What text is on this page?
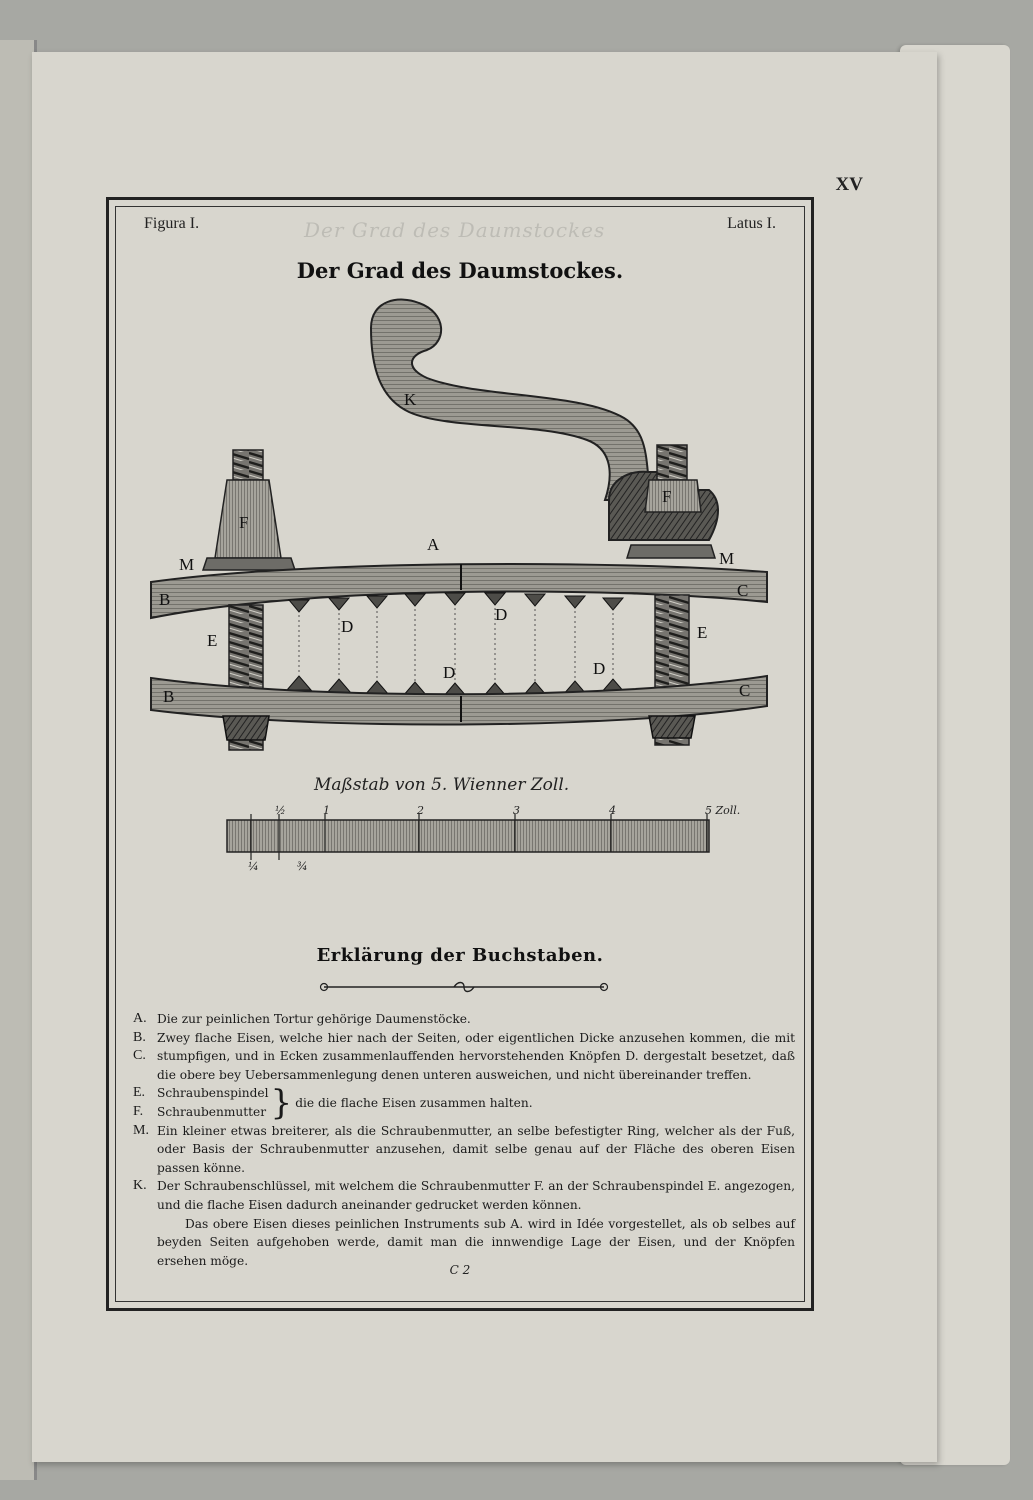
XV
Figura I.	Latus I.
Der Grad des Daumstockes
Der Grad des Daumstockes.
K
F
M
F
M
A
B	C
E	E
D
D
D	D
B	C
Maßstab von 5. Wienner Zoll.
½	1	2	3	4	5 Zoll.
¼	¾
Erklärung der Buchstaben.
A. Die zur peinlichen Tortur gehörige Daumenstöcke.
B. C.
Zwey flache Eisen, welche hier nach der Seiten, oder eigentlichen Dicke anzusehen kommen, die mit stumpfigen, und in Ecken zusammenlauffenden hervorstehenden Knöpfen D. dergestalt besetzet, daß die obere bey Uebersammenlegung denen unteren ausweichen, und nicht übereinander treffen.
E. Schraubenspindel
F.	Schraubenmutter } die die flache Eisen zusammen halten.
M. Ein kleiner etwas breiterer, als die Schraubenmutter, an selbe befestigter Ring, welcher als der Fuß, oder Basis der Schraubenmutter anzusehen, damit selbe genau auf der Fläche des oberen Eisen passen könne.
K. Der Schraubenschlüssel, mit welchem die Schraubenmutter F. an der Schraubenspindel E. angezogen, und die flache Eisen dadurch aneinander gedrucket werden können.
Das obere Eisen dieses peinlichen Instruments sub A. wird in Idée vorgestellet, als ob selbes auf beyden Seiten aufgehoben werde, damit man die innwendige Lage der Eisen, und der Knöpfen ersehen möge.
C 2
